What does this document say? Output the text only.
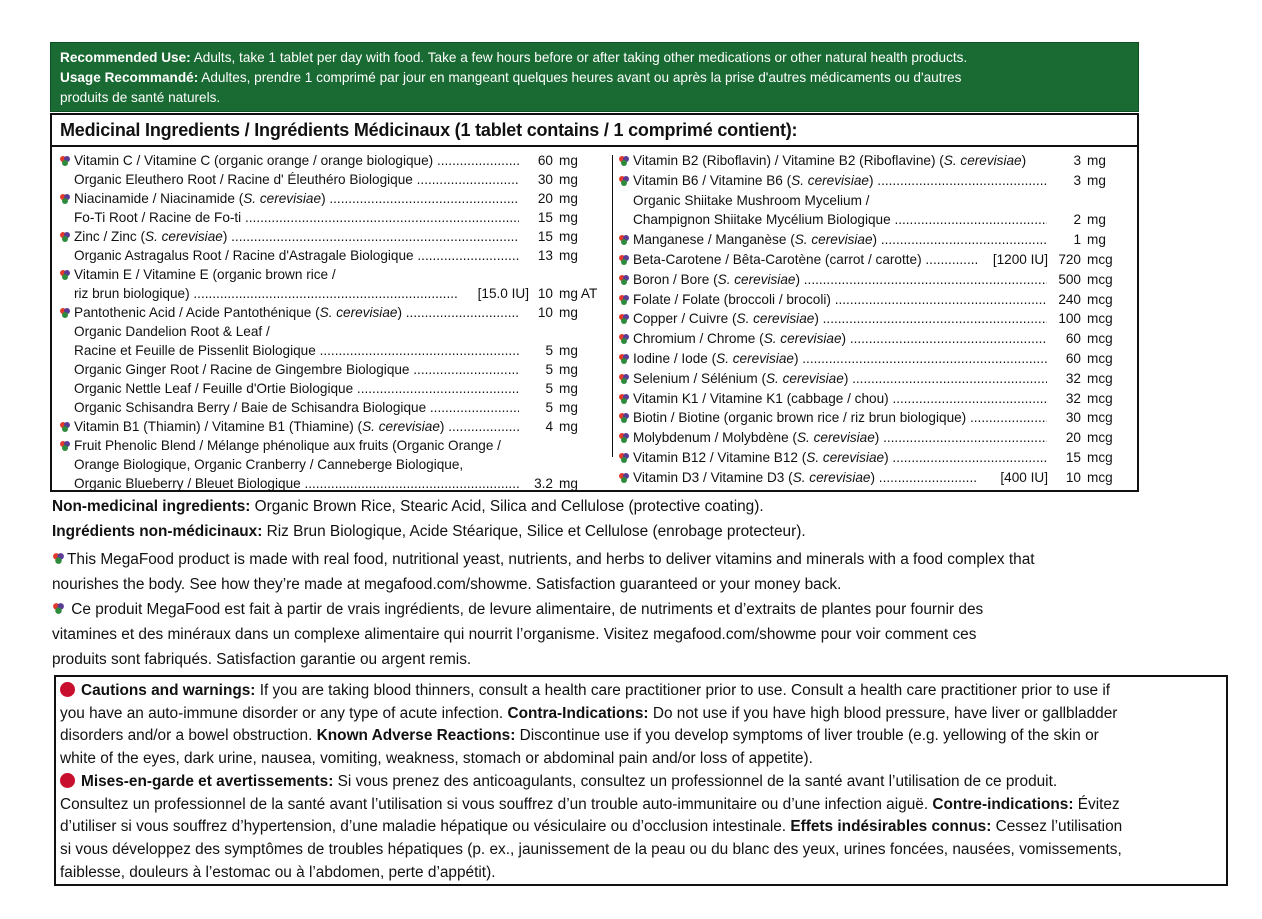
Recommended Use: Adults, take 1 tablet per day with food. Take a few hours before or after taking other medications or other natural health products.
Usage Recommandé: Adultes, prendre 1 comprimé par jour en mangeant quelques heures avant ou après la prise d'autres médicaments ou d'autres
produits de santé naturels.
Medicinal Ingredients / Ingrédients Médicinaux (1 tablet contains / 1 comprimé contient):
Vitamin C / Vitamine C (organic orange / orange biologique) .....	60 mg
Organic Eleuthero Root / Racine d' Éleuthéro Biologique .....	30 mg
Niacinamide / Niacinamide (S. cerevisiae) .....	20 mg
Fo-Ti Root / Racine de Fo-ti .....	15 mg
Zinc / Zinc (S. cerevisiae) .....	15 mg
Organic Astragalus Root / Racine d'Astragale Biologique .....	13 mg
Vitamin E / Vitamine E (organic brown rice /
riz brun biologique) .....	[15.0 IU] 10 mg AT
Pantothenic Acid / Acide Pantothénique (S. cerevisiae) .....	10 mg
Organic Dandelion Root & Leaf /
Racine et Feuille de Pissenlit Biologique .....	5 mg
Organic Ginger Root / Racine de Gingembre Biologique .....	5 mg
Organic Nettle Leaf / Feuille d'Ortie Biologique .....	5 mg
Organic Schisandra Berry / Baie de Schisandra Biologique .....	5 mg
Vitamin B1 (Thiamin) / Vitamine B1 (Thiamine) (S. cerevisiae) .....	4 mg
Fruit Phenolic Blend / Mélange phénolique aux fruits (Organic Orange /
Orange Biologique, Organic Cranberry / Canneberge Biologique,
Organic Blueberry / Bleuet Biologique .....	3.2 mg
Vitamin B2 (Riboflavin) / Vitamine B2 (Riboflavine) (S. cerevisiae)	3 mg
Vitamin B6 / Vitamine B6 (S. cerevisiae) .....	3 mg
Organic Shiitake Mushroom Mycelium /
Champignon Shiitake Mycélium Biologique .....	2 mg
Manganese / Manganèse (S. cerevisiae) .....	1 mg
Beta-Carotene / Bêta-Carotène (carrot / carotte) .....	[1200 IU] 720 mcg
Boron / Bore (S. cerevisiae) .....	500 mcg
Folate / Folate (broccoli / brocoli) .....	240 mcg
Copper / Cuivre (S. cerevisiae) .....	100 mcg
Chromium / Chrome (S. cerevisiae) .....	60 mcg
Iodine / Iode (S. cerevisiae) .....	60 mcg
Selenium / Sélénium (S. cerevisiae) .....	32 mcg
Vitamin K1 / Vitamine K1 (cabbage / chou) .....	32 mcg
Biotin / Biotine (organic brown rice / riz brun biologique) .....	30 mcg
Molybdenum / Molybdène (S. cerevisiae) .....	20 mcg
Vitamin B12 / Vitamine B12 (S. cerevisiae) .....	15 mcg
Vitamin D3 / Vitamine D3 (S. cerevisiae) .....	[400 IU]	10 mcg
Non-medicinal ingredients: Organic Brown Rice, Stearic Acid, Silica and Cellulose (protective coating).
Ingrédients non-médicinaux: Riz Brun Biologique, Acide Stéarique, Silice et Cellulose (enrobage protecteur).
This MegaFood product is made with real food, nutritional yeast, nutrients, and herbs to deliver vitamins and minerals with a food complex that
nourishes the body. See how they’re made at megafood.com/showme. Satisfaction guaranteed or your money back.
Ce produit MegaFood est fait à partir de vrais ingrédients, de levure alimentaire, de nutriments et d’extraits de plantes pour fournir des
vitamines et des minéraux dans un complexe alimentaire qui nourrit l’organisme. Visitez megafood.com/showme pour voir comment ces
produits sont fabriqués. Satisfaction garantie ou argent remis.
Cautions and warnings: If you are taking blood thinners, consult a health care practitioner prior to use. Consult a health care practitioner prior to use if
you have an auto-immune disorder or any type of acute infection. Contra-Indications: Do not use if you have high blood pressure, have liver or gallbladder
disorders and/or a bowel obstruction. Known Adverse Reactions: Discontinue use if you develop symptoms of liver trouble (e.g. yellowing of the skin or
white of the eyes, dark urine, nausea, vomiting, weakness, stomach or abdominal pain and/or loss of appetite).
Mises-en-garde et avertissements: Si vous prenez des anticoagulants, consultez un professionnel de la santé avant l’utilisation de ce produit.
Consultez un professionnel de la santé avant l’utilisation si vous souffrez d’un trouble auto-immunitaire ou d’une infection aiguë. Contre-indications: Évitez
d’utiliser si vous souffrez d’hypertension, d’une maladie hépatique ou vésiculaire ou d’occlusion intestinale. Effets indésirables connus: Cessez l’utilisation
si vous développez des symptômes de troubles hépatiques (p. ex., jaunissement de la peau ou du blanc des yeux, urines foncées, nausées, vomissements,
faiblesse, douleurs à l’estomac ou à l’abdomen, perte d’appétit).
